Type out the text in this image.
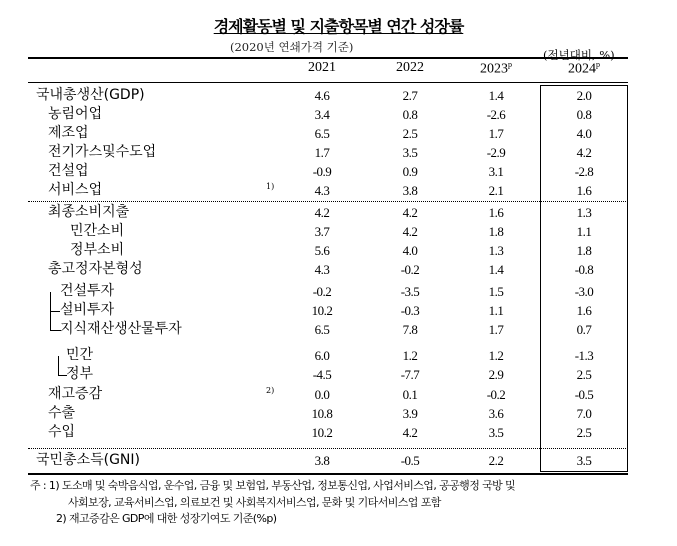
경제활동별 및 지출항목별 연간 성장률
(2020년 연쇄가격 기준)
(전년대비, %)
2021	2022	2023$^p$	2024$^p$
국내총생산(GDP)	4.6	2.7	1.4	2.0
농림어업	3.4	0.8	-2.6	0.8
제조업	6.5	2.5	1.7	4.0
전기가스및수도업	1.7	3.5	-2.9	4.2
건설업	-0.9	0.9	3.1	-2.8
서비스업	1)	4.3	3.8	2.1	1.6
최종소비지출	4.2	4.2	1.6	1.3
민간소비	3.7	4.2	1.8	1.1
정부소비	5.6	4.0	1.3	1.8
총고정자본형성	4.3	-0.2	1.4	-0.8
건설투자	-0.2	-3.5	1.5	-3.0
설비투자	10.2	-0.3	1.1	1.6
지식재산생산물투자	6.5	7.8	1.7	0.7
민간	6.0	1.2	1.2	-1.3
정부	-4.5	-7.7	2.9	2.5
재고증감	2)	0.0	0.1	-0.2	-0.5
수출	10.8	3.9	3.6	7.0
수입	10.2	4.2	3.5	2.5
국민총소득(GNI)	3.8	-0.5	2.2	3.5
주 : 1) 도소매 및 숙박음식업, 운수업, 금융 및 보험업, 부동산업, 정보통신업, 사업서비스업, 공공행정 국방 및
사회보장, 교육서비스업, 의료보건 및 사회복지서비스업, 문화 및 기타서비스업 포함
2) 재고증감은 GDP에 대한 성장기여도 기준(%p)
